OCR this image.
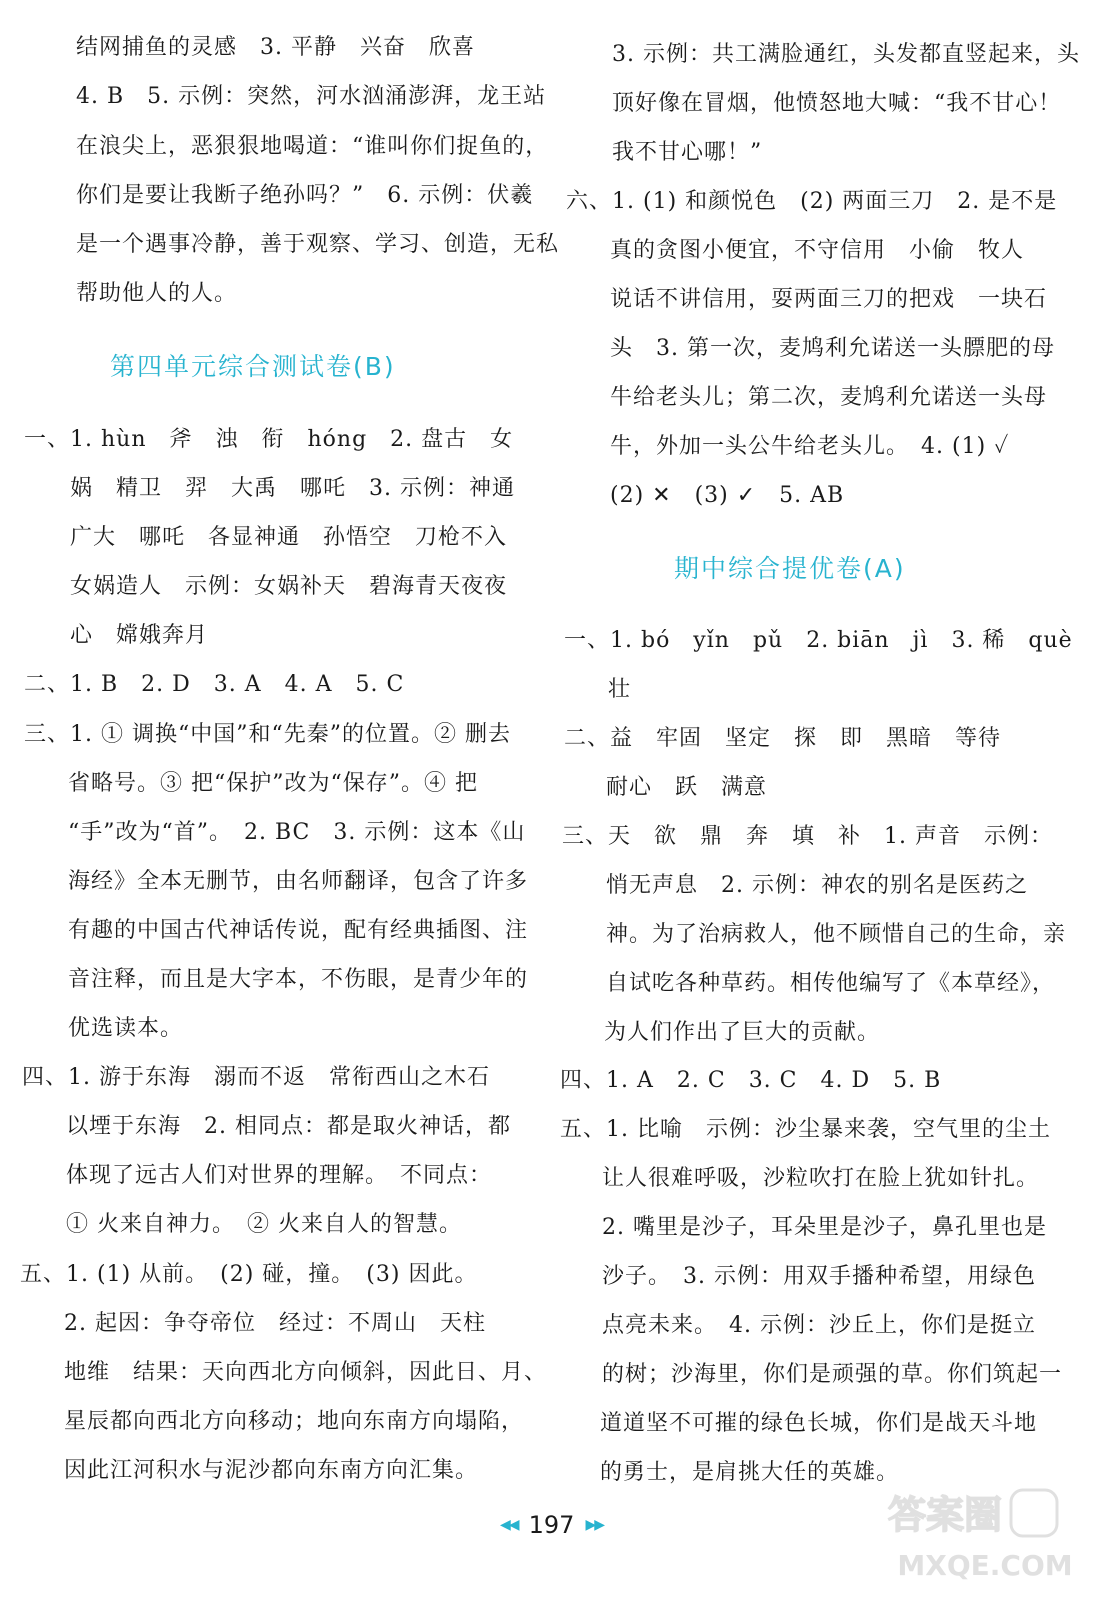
结网捕鱼的灵感　3. 平静　兴奋　欣喜
4. B　5. 示例：突然，河水汹涌澎湃，龙王站
在浪尖上，恶狠狠地喝道：“谁叫你们捉鱼的，
你们是要让我断子绝孙吗？”　6. 示例：伏羲
是一个遇事冷静，善于观察、学习、创造，无私
帮助他人的人。
第四单元综合测试卷(B)
一、1. hùn　斧　浊　衔　hóng　2. 盘古　女
娲　精卫　羿　大禹　哪吒　3. 示例：神通
广大　哪吒　各显神通　孙悟空　刀枪不入
女娲造人　示例：女娲补天　碧海青天夜夜
心　嫦娥奔月
二、1. B　2. D　3. A　4. A　5. C
三、1. ① 调换“中国”和“先秦”的位置。② 删去
省略号。③ 把“保护”改为“保存”。④ 把
“手”改为“首”。　2. BC　3. 示例：这本《山
海经》全本无删节，由名师翻译，包含了许多
有趣的中国古代神话传说，配有经典插图、注
音注释，而且是大字本，不伤眼，是青少年的
优选读本。
四、1. 游于东海　溺而不返　常衔西山之木石
以堙于东海　2. 相同点：都是取火神话，都
体现了远古人们对世界的理解。　不同点：
① 火来自神力。　② 火来自人的智慧。
五、1. (1) 从前。　(2) 碰，撞。　(3) 因此。
2. 起因：争夺帝位　经过：不周山　天柱
地维　结果：天向西北方向倾斜，因此日、月、
星辰都向西北方向移动；地向东南方向塌陷，
因此江河积水与泥沙都向东南方向汇集。
3. 示例：共工满脸通红，头发都直竖起来，头
顶好像在冒烟，他愤怒地大喊：“我不甘心！
我不甘心哪！”
六、1. (1) 和颜悦色　(2) 两面三刀　2. 是不是
真的贪图小便宜，不守信用　小偷　牧人
说话不讲信用，耍两面三刀的把戏　一块石
头　3. 第一次，麦鸠利允诺送一头膘肥的母
牛给老头儿；第二次，麦鸠利允诺送一头母
牛，外加一头公牛给老头儿。　4. (1) ✓
(2) ✕　(3) ✓　5. AB
期中综合提优卷(A)
一、1. bó　yǐn　pǔ　2. biān　jì　3. 稀　què
壮
二、益　牢固　坚定　探　即　黑暗　等待
耐心　跃　满意
三、天　欲　鼎　奔　填　补　1. 声音　示例：
悄无声息　2. 示例：神农的别名是医药之
神。为了治病救人，他不顾惜自己的生命，亲
自试吃各种草药。相传他编写了《本草经》，
为人们作出了巨大的贡献。
四、1. A　2. C　3. C　4. D　5. B
五、1. 比喻　示例：沙尘暴来袭，空气里的尘土
让人很难呼吸，沙粒吹打在脸上犹如针扎。
2. 嘴里是沙子，耳朵里是沙子，鼻孔里也是
沙子。　3. 示例：用双手播种希望，用绿色
点亮未来。　4. 示例：沙丘上，你们是挺立
的树；沙海里，你们是顽强的草。你们筑起一
道道坚不可摧的绿色长城，你们是战天斗地
的勇士，是肩挑大任的英雄。
◀◀ 197 ▶▶	答案圈
MXQE.COM
